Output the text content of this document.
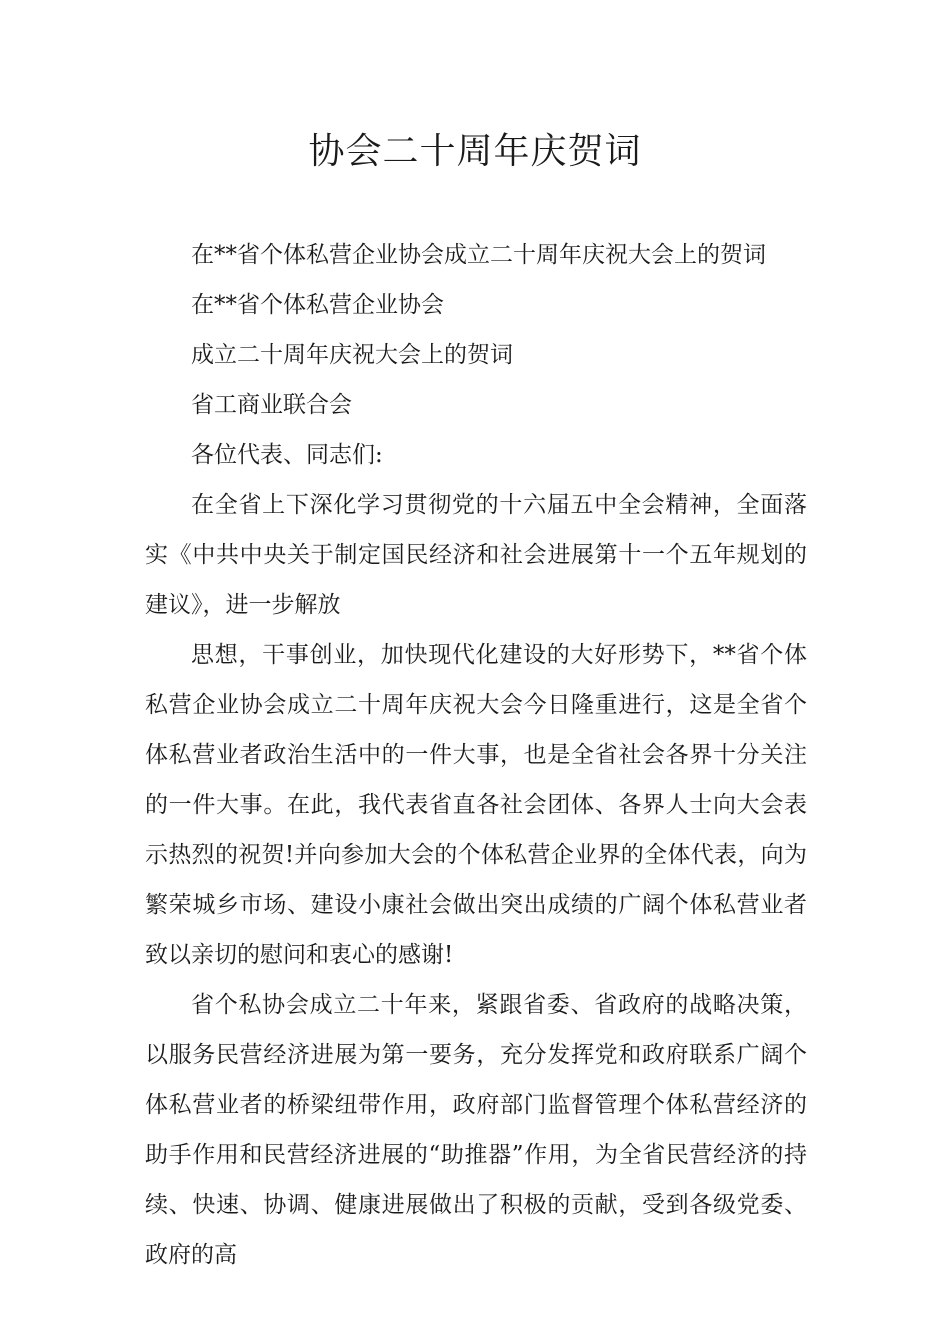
协会二十周年庆贺词

在**省个体私营企业协会成立二十周年庆祝大会上的贺词

在**省个体私营企业协会

成立二十周年庆祝大会上的贺词

省工商业联合会

各位代表、同志们:

在全省上下深化学习贯彻党的十六届五中全会精神，全面落实《中共中央关于制定国民经济和社会进展第十一个五年规划的建议》，进一步解放

思想，干事创业，加快现代化建设的大好形势下，**省个体私营企业协会成立二十周年庆祝大会今日隆重进行，这是全省个体私营业者政治生活中的一件大事，也是全省社会各界十分关注的一件大事。在此，我代表省直各社会团体、各界人士向大会表示热烈的祝贺!并向参加大会的个体私营企业界的全体代表，向为繁荣城乡市场、建设小康社会做出突出成绩的广阔个体私营业者致以亲切的慰问和衷心的感谢!

省个私协会成立二十年来，紧跟省委、省政府的战略决策，以服务民营经济进展为第一要务，充分发挥党和政府联系广阔个体私营业者的桥梁纽带作用，政府部门监督管理个体私营经济的助手作用和民营经济进展的“助推器”作用，为全省民营经济的持续、快速、协调、健康进展做出了积极的贡献，受到各级党委、政府的高
